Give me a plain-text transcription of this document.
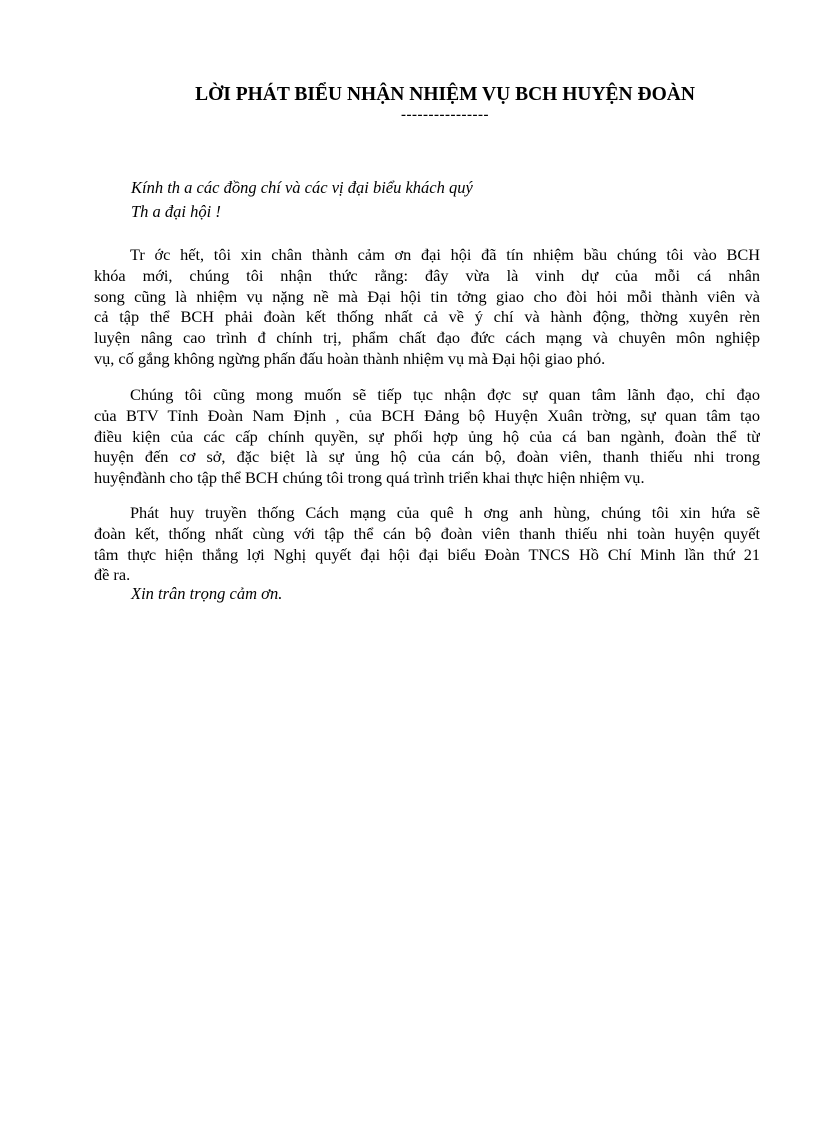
LỜI PHÁT BIỂU NHẬN NHIỆM VỤ BCH HUYỆN ĐOÀN
----------------
Kính th a các đồng chí và các vị đại biểu khách quý
Th a đại hội !
Tr ớc hết, tôi xin chân thành cảm ơn đại hội đã tín nhiệm bầu chúng tôi vào BCH
khóa mới, chúng tôi nhận thức rằng: đây vừa là vinh dự của mỗi cá nhân
song cũng là nhiệm vụ nặng nề mà Đại hội tin tởng giao cho đòi hỏi mỗi thành viên và
cả tập thể BCH phải đoàn kết thống nhất cả về ý chí và hành động, thờng xuyên rèn
luyện nâng cao trình đ chính trị, phẩm chất đạo đức cách mạng và chuyên môn nghiệp
vụ, cố gắng không ngừng phấn đấu hoàn thành nhiệm vụ mà Đại hội giao phó.
Chúng tôi cũng mong muốn sẽ tiếp tục nhận đợc sự quan tâm lãnh đạo, chỉ đạo
của BTV Tỉnh Đoàn Nam Định , của BCH Đảng bộ Huyện Xuân trờng, sự quan tâm tạo
điều kiện của các cấp chính quyền, sự phối hợp ủng hộ của cá ban ngành, đoàn thể từ
huyện đến cơ sở, đặc biệt là sự ủng hộ của cán bộ, đoàn viên, thanh thiếu nhi trong
huyệnđành cho tập thể BCH chúng tôi trong quá trình triển khai thực hiện nhiệm vụ.
Phát huy truyền thống Cách mạng của quê h ơng anh hùng, chúng tôi xin hứa sẽ
đoàn kết, thống nhất cùng với tập thể cán bộ đoàn viên thanh thiếu nhi toàn huyện quyết
tâm thực hiện thắng lợi Nghị quyết đại hội đại biểu Đoàn TNCS Hồ Chí Minh lần thứ 21
đề ra.
Xin trân trọng cảm ơn.
